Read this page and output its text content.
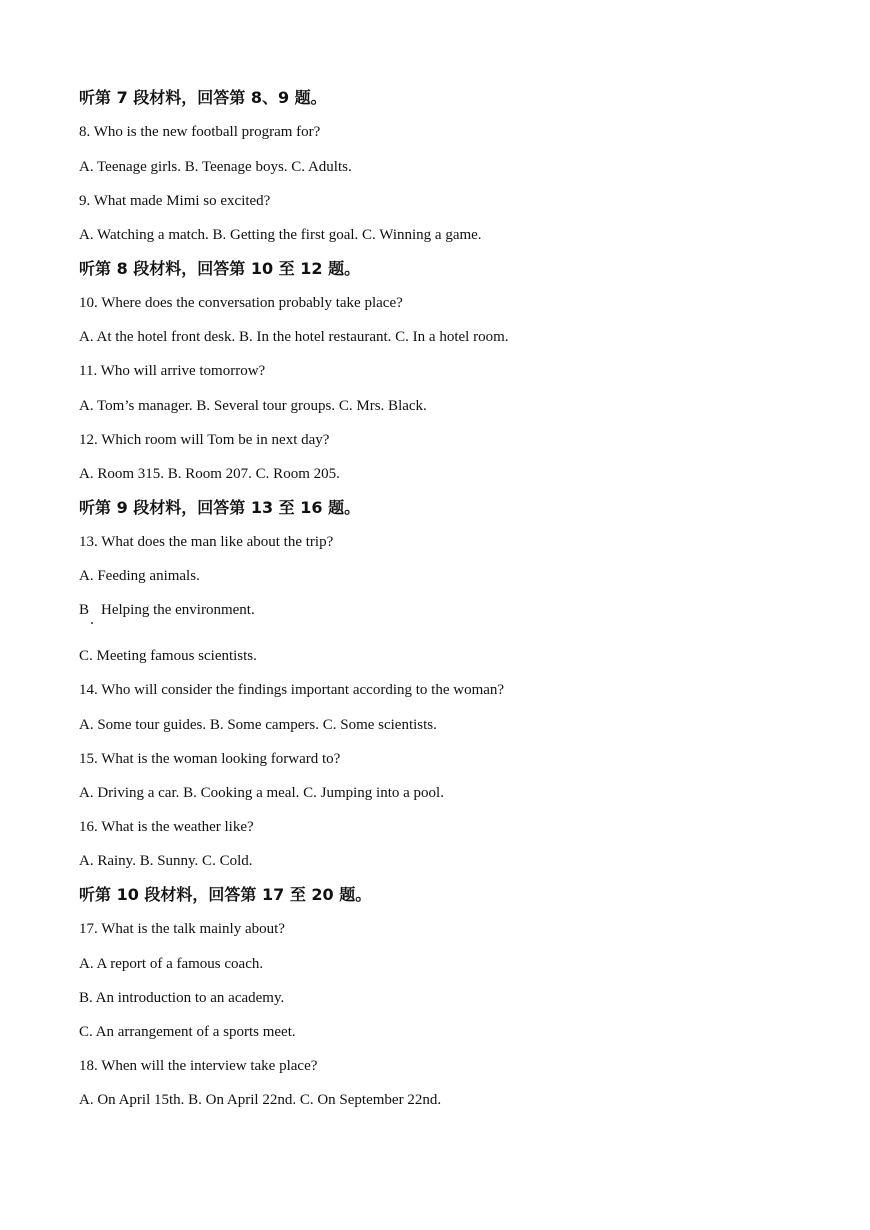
听第 7 段材料，回答第 8、9 题。
8. Who is the new football program for?
A. Teenage girls. B. Teenage boys. C. Adults.
9. What made Mimi so excited?
A. Watching a match. B. Getting the first goal. C. Winning a game.
听第 8 段材料，回答第 10 至 12 题。
10. Where does the conversation probably take place?
A. At the hotel front desk. B. In the hotel restaurant. C. In a hotel room.
11. Who will arrive tomorrow?
A. Tom’s manager. B. Several tour groups. C. Mrs. Black.
12. Which room will Tom be in next day?
A. Room 315. B. Room 207. C. Room 205.
听第 9 段材料，回答第 13 至 16 题。
13. What does the man like about the trip?
A. Feeding animals.
B Helping the environment.
C. Meeting famous scientists.
14. Who will consider the findings important according to the woman?
A. Some tour guides. B. Some campers. C. Some scientists.
15. What is the woman looking forward to?
A. Driving a car. B. Cooking a meal. C. Jumping into a pool.
16. What is the weather like?
A. Rainy. B. Sunny. C. Cold.
听第 10 段材料，回答第 17 至 20 题。
17. What is the talk mainly about?
A. A report of a famous coach.
B. An introduction to an academy.
C. An arrangement of a sports meet.
18. When will the interview take place?
A. On April 15th. B. On April 22nd. C. On September 22nd.
